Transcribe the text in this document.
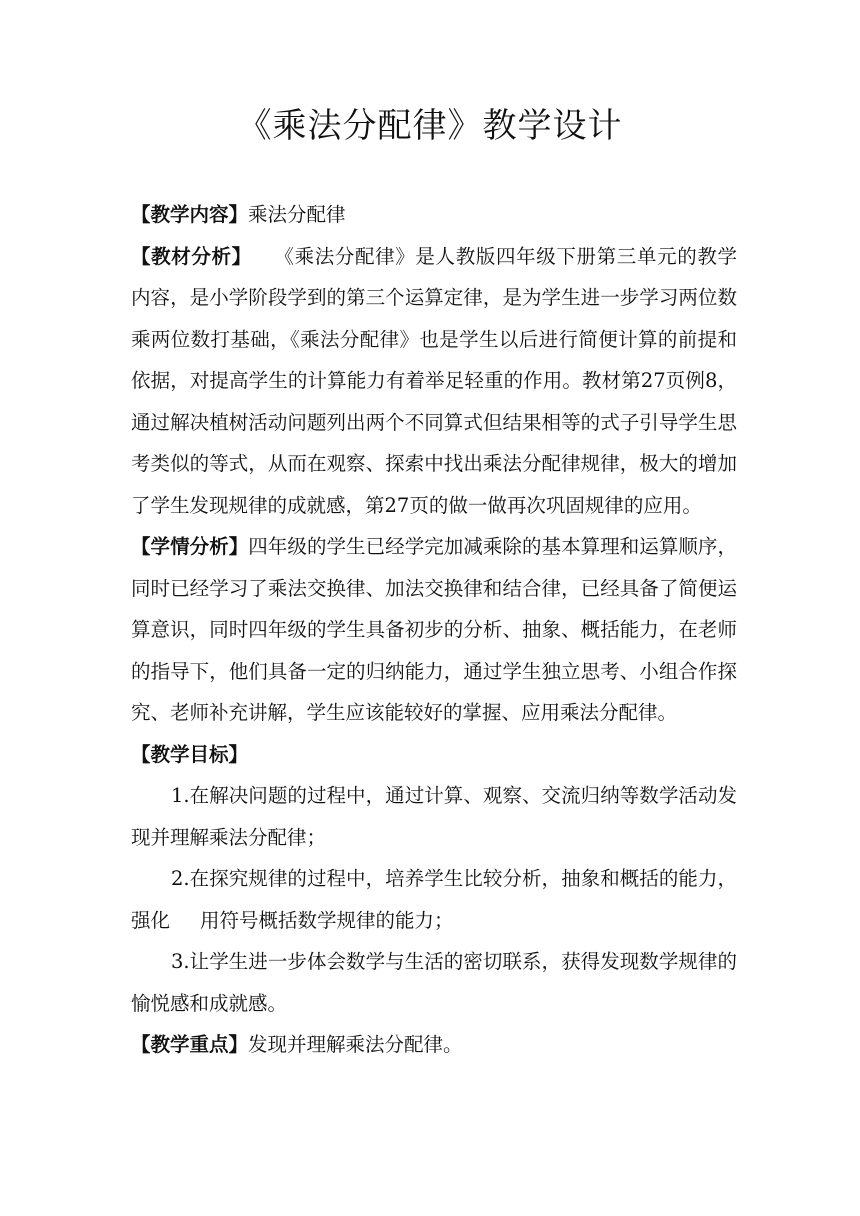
《乘法分配律》教学设计

【教学内容】乘法分配律

【教材分析】 《乘法分配律》是人教版四年级下册第三单元的教学内容，是小学阶段学到的第三个运算定律，是为学生进一步学习两位数乘两位数打基础，《乘法分配律》也是学生以后进行简便计算的前提和依据，对提高学生的计算能力有着举足轻重的作用。教材第27页例8，通过解决植树活动问题列出两个不同算式但结果相等的式子引导学生思考类似的等式，从而在观察、探索中找出乘法分配律规律，极大的增加了学生发现规律的成就感，第27页的做一做再次巩固规律的应用。

【学情分析】四年级的学生已经学完加减乘除的基本算理和运算顺序，同时已经学习了乘法交换律、加法交换律和结合律，已经具备了简便运算意识，同时四年级的学生具备初步的分析、抽象、概括能力，在老师的指导下，他们具备一定的归纳能力，通过学生独立思考、小组合作探究、老师补充讲解，学生应该能较好的掌握、应用乘法分配律。

【教学目标】

1.在解决问题的过程中，通过计算、观察、交流归纳等数学活动发现并理解乘法分配律；

2.在探究规律的过程中，培养学生比较分析，抽象和概括的能力，强化 用符号概括数学规律的能力；

3.让学生进一步体会数学与生活的密切联系，获得发现数学规律的愉悦感和成就感。

【教学重点】发现并理解乘法分配律。
